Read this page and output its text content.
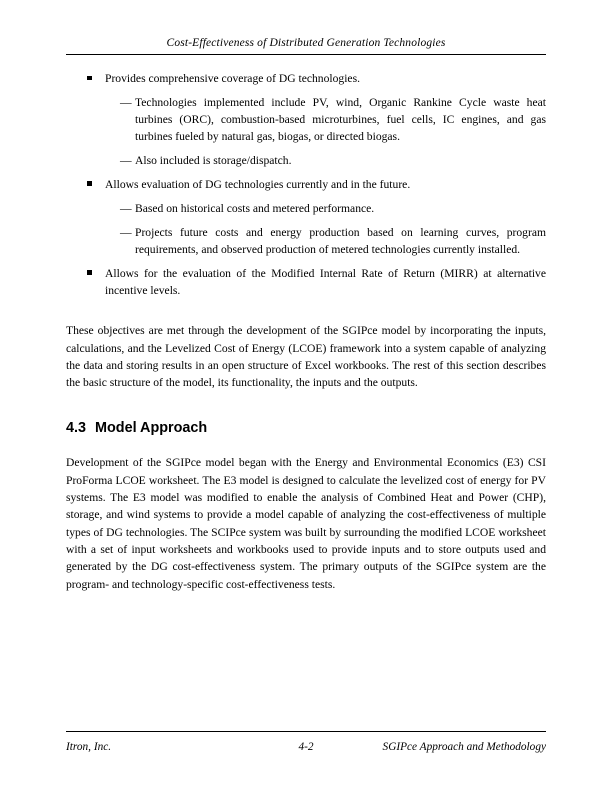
Cost-Effectiveness of Distributed Generation Technologies
Provides comprehensive coverage of DG technologies.
— Technologies implemented include PV, wind, Organic Rankine Cycle waste heat turbines (ORC), combustion-based microturbines, fuel cells, IC engines, and gas turbines fueled by natural gas, biogas, or directed biogas.
— Also included is storage/dispatch.
Allows evaluation of DG technologies currently and in the future.
— Based on historical costs and metered performance.
— Projects future costs and energy production based on learning curves, program requirements, and observed production of metered technologies currently installed.
Allows for the evaluation of the Modified Internal Rate of Return (MIRR) at alternative incentive levels.

These objectives are met through the development of the SGIPce model by incorporating the inputs, calculations, and the Levelized Cost of Energy (LCOE) framework into a system capable of analyzing the data and storing results in an open structure of Excel workbooks. The rest of this section describes the basic structure of the model, its functionality, the inputs and the outputs.

4.3 Model Approach

Development of the SGIPce model began with the Energy and Environmental Economics (E3) CSI ProForma LCOE worksheet. The E3 model is designed to calculate the levelized cost of energy for PV systems. The E3 model was modified to enable the analysis of Combined Heat and Power (CHP), storage, and wind systems to provide a model capable of analyzing the cost-effectiveness of multiple types of DG technologies. The SCIPce system was built by surrounding the modified LCOE worksheet with a set of input worksheets and workbooks used to provide inputs and to store outputs used and generated by the DG cost-effectiveness system. The primary outputs of the SGIPce system are the program- and technology-specific cost-effectiveness tests.

Itron, Inc.	4-2	SGIPce Approach and Methodology
